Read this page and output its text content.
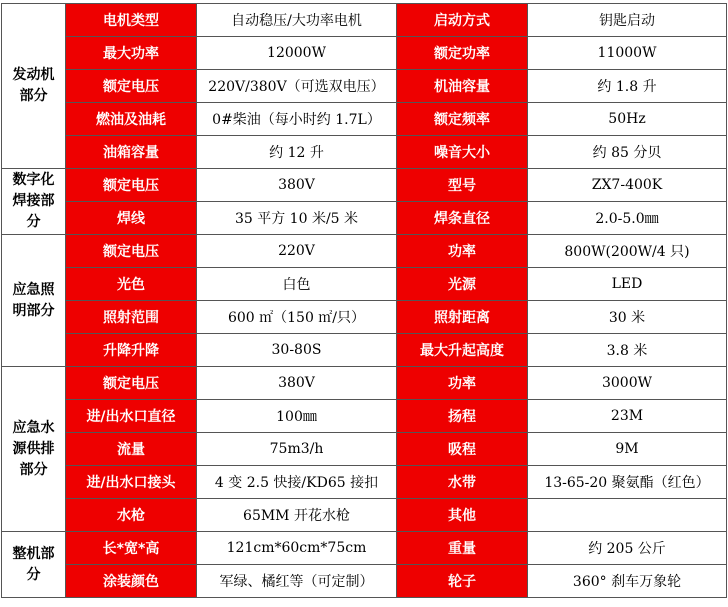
发动机部分	电机类型	自动稳压/大功率电机	启动方式	钥匙启动
	最大功率	12000W	额定功率	11000W
	额定电压	220V/380V（可选双电压）	机油容量	约 1.8 升
	燃油及油耗	0#柴油（每小时约 1.7L）	额定频率	50Hz
	油箱容量	约 12 升	噪音大小	约 85 分贝
数字化焊接部分	额定电压	380V	型号	ZX7-400K
	焊线	35 平方 10 米/5 米	焊条直径	2.0-5.0㎜
应急照明部分	额定电压	220V	功率	800W(200W/4 只)
	光色	白色	光源	LED
	照射范围	600 ㎡（150 ㎡/只）	照射距离	30 米
	升降升降	30-80S	最大升起高度	3.8 米
应急水源供排部分	额定电压	380V	功率	3000W
	进/出水口直径	100㎜	扬程	23M
	流量	75m3/h	吸程	9M
	进/出水口接头	4 变 2.5 快接/KD65 接扣	水带	13-65-20 聚氨酯（红色）
	水枪	65MM 开花水枪	其他	
整机部分	长*宽*高	121cm*60cm*75cm	重量	约 205 公斤
	涂装颜色	军绿、橘红等（可定制）	轮子	360° 刹车万象轮
